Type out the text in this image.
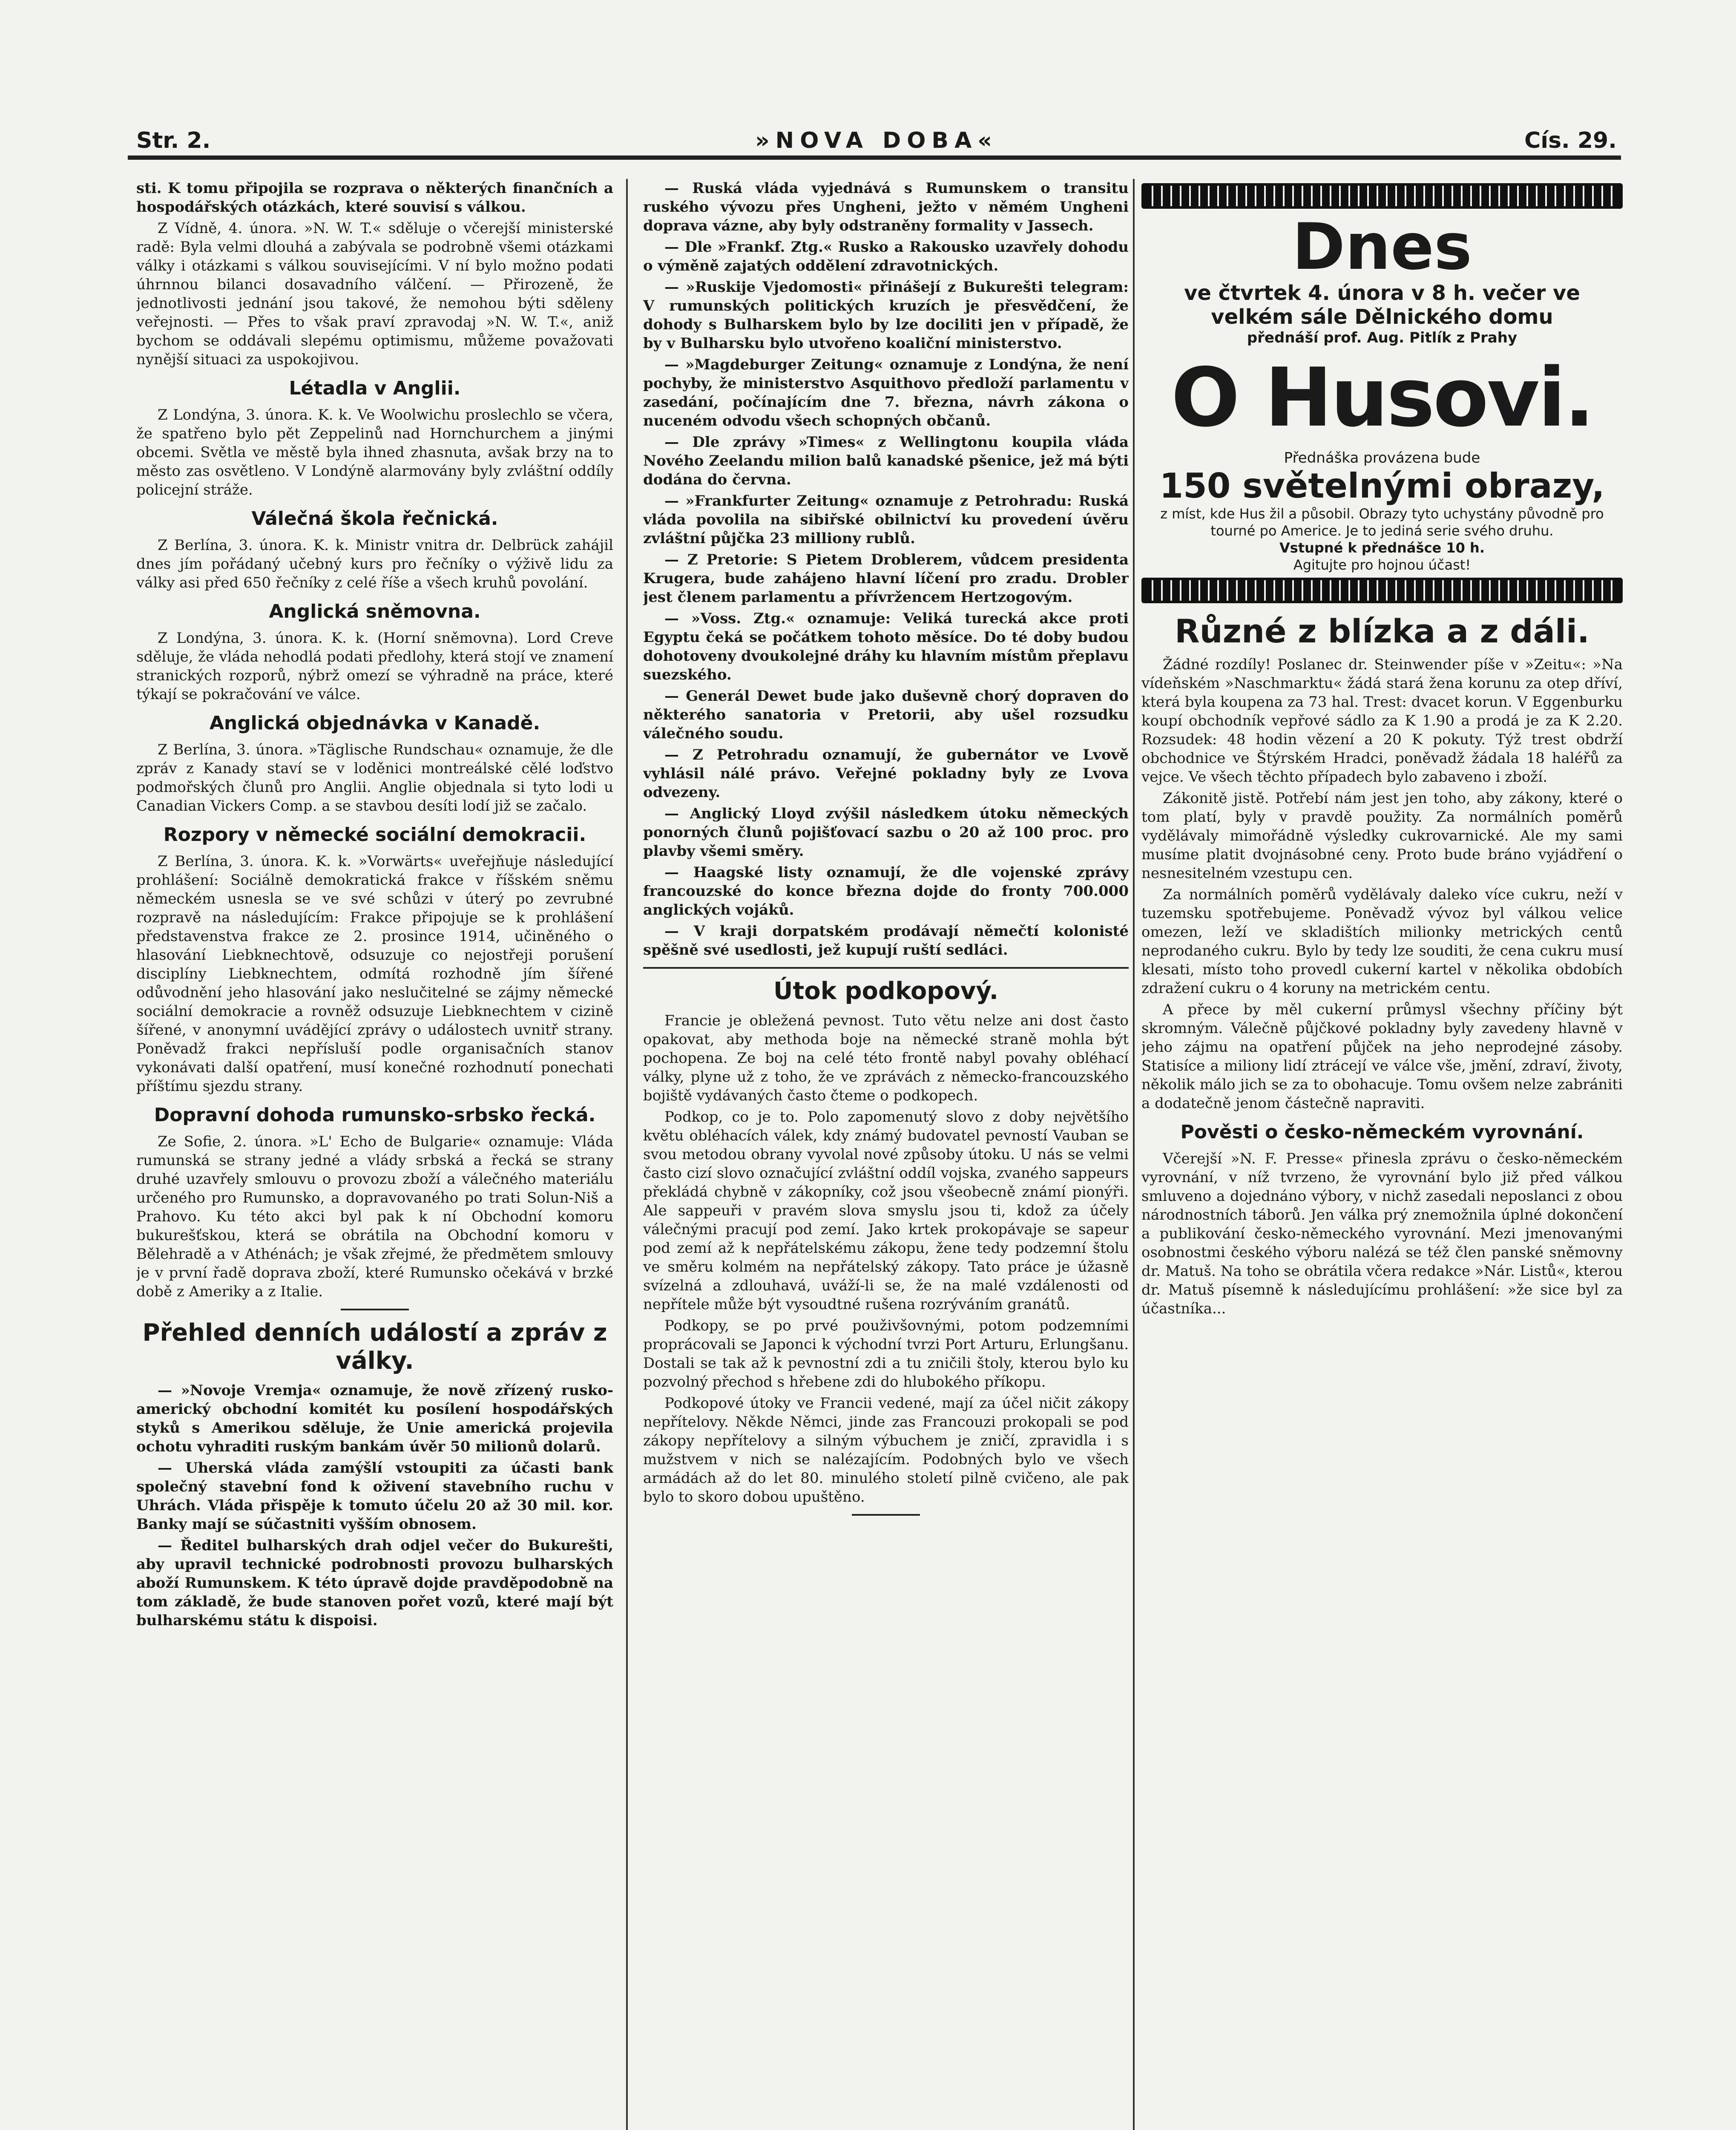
Str. 2.	»NOVA DOBA«	Cís. 29.

sti. K tomu připojila se rozprava o některých finančních a hospodářských otázkách, které souvisí s válkou.

Z Vídně, 4. února. »N. W. T.« sděluje o včerejší ministerské radě: Byla velmi dlouhá a zabývala se podrobně všemi otázkami války i otázkami s válkou souvisejícími. V ní bylo možno podati úhrnnou bilanci dosavadního válčení. — Přirozeně, že jednotlivosti jednání jsou takové, že nemohou býti sděleny veřejnosti. — Přes to však praví zpravodaj »N. W. T.«, aniž bychom se oddávali slepému optimismu, můžeme považovati nynější situaci za uspokojivou.

Létadla v Anglii.

Z Londýna, 3. února. K. k. Ve Woolwichu proslechlo se včera, že spatřeno bylo pět Zeppelinů nad Hornchurchem a jinými obcemi. Světla ve městě byla ihned zhasnuta, avšak brzy na to město zas osvětleno. V Londýně alarmovány byly zvláštní oddíly policejní stráže.

Válečná škola řečnická.

Z Berlína, 3. února. K. k. Ministr vnitra dr. Delbrück zahájil dnes jím pořádaný učebný kurs pro řečníky o výživě lidu za války asi před 650 řečníky z celé říše a všech kruhů povolání.

Anglická sněmovna.

Z Londýna, 3. února. K. k. (Horní sněmovna). Lord Creve sděluje, že vláda nehodlá podati předlohy, která stojí ve znamení stranických rozporů, nýbrž omezí se výhradně na práce, které týkají se pokračování ve válce.

Anglická objednávka v Kanadě.

Z Berlína, 3. února. »Täglische Rundschau« oznamuje, že dle zpráv z Kanady staví se v loděnici montreálské cělé loďstvo podmořských člunů pro Anglii. Anglie objednala si tyto lodi u Canadian Vickers Comp. a se stavbou desíti lodí již se začalo.

Rozpory v německé sociální demokracii.

Z Berlína, 3. února. K. k. »Vorwärts« uveřejňuje následující prohlášení: Sociálně demokratická frakce v říšském sněmu německém usnesla se ve své schůzi v úterý po zevrubné rozpravě na následujícím: Frakce připojuje se k prohlášení představenstva frakce ze 2. prosince 1914, učiněného o hlasování Liebknechtově, odsuzuje co nejostřeji porušení disciplíny Liebknechtem, odmítá rozhodně jím šířené odůvodnění jeho hlasování jako neslučitelné se zájmy německé sociální demokracie a rovněž odsuzuje Liebknechtem v cizině šířené, v anonymní uvádějící zprávy o událostech uvnitř strany. Poněvadž frakci nepřísluší podle organisačních stanov vykonávati další opatření, musí konečné rozhodnutí ponechati příštímu sjezdu strany.

Dopravní dohoda rumunsko-srbsko řecká.

Ze Sofie, 2. února. »L' Echo de Bulgarie« oznamuje: Vláda rumunská se strany jedné a vlády srbská a řecká se strany druhé uzavřely smlouvu o provozu zboží a válečného materiálu určeného pro Rumunsko, a dopravovaného po trati Solun-Niš a Prahovo. Ku této akci byl pak k ní Obchodní komoru bukurešťskou, která se obrátila na Obchodní komoru v Bělehradě a v Athénách; je však zřejmé, že předmětem smlouvy je v první řadě doprava zboží, které Rumunsko očekává v brzké době z Ameriky a z Italie.

Přehled denních událostí a zpráv z války.

— »Novoje Vremja« oznamuje, že nově zřízený rusko-americký obchodní komitét ku posílení hospodářských styků s Amerikou sděluje, že Unie americká projevila ochotu vyhraditi ruským bankám úvěr 50 milionů dolarů.

— Uherská vláda zamýšlí vstoupiti za účasti bank společný stavební fond k oživení stavebního ruchu v Uhrách. Vláda přispěje k tomuto účelu 20 až 30 mil. kor. Banky mají se súčastniti vyšším obnosem.

— Ředitel bulharských drah odjel večer do Bukurešti, aby upravil technické podrobnosti provozu bulharských aboží Rumunskem. K této úpravě dojde pravděpodobně na tom základě, že bude stanoven pořet vozů, které mají být bulharskému státu k dispoisi.

— Ruská vláda vyjednává s Rumunskem o transitu ruského vývozu přes Ungheni, ježto v němém Ungheni doprava vázne, aby byly odstraněny formality v Jassech.

— Dle »Frankf. Ztg.« Rusko a Rakousko uzavřely dohodu o výměně zajatých oddělení zdravotnických.

— »Ruskije Vjedomosti« přinášejí z Bukurešti telegram: V rumunských politických kruzích je přesvědčení, že dohody s Bulharskem bylo by lze dociliti jen v případě, že by v Bulharsku bylo utvořeno koaliční ministerstvo.

— »Magdeburger Zeitung« oznamuje z Londýna, že není pochyby, že ministerstvo Asquithovo předloží parlamentu v zasedání, počínajícím dne 7. března, návrh zákona o nuceném odvodu všech schopných občanů.

— Dle zprávy »Times« z Wellingtonu koupila vláda Nového Zeelandu milion balů kanadské pšenice, jež má býti dodána do června.

— »Frankfurter Zeitung« oznamuje z Petrohradu: Ruská vláda povolila na sibiřské obilnictví ku provedení úvěru zvláštní půjčka 23 milliony rublů.

— Z Pretorie: S Pietem Droblerem, vůdcem presidenta Krugera, bude zahájeno hlavní líčení pro zradu. Drobler jest členem parlamentu a přívržencem Hertzogovým.

— »Voss. Ztg.« oznamuje: Veliká turecká akce proti Egyptu čeká se počátkem tohoto měsíce. Do té doby budou dohotoveny dvoukolejné dráhy ku hlavním místům přeplavu suezského.

— Generál Dewet bude jako duševně chorý dopraven do některého sanatoria v Pretorii, aby ušel rozsudku válečného soudu.

— Z Petrohradu oznamují, že gubernátor ve Lvově vyhlásil nálé právo. Veřejné pokladny byly ze Lvova odvezeny.

— Anglický Lloyd zvýšil následkem útoku německých ponorných člunů pojišťovací sazbu o 20 až 100 proc. pro plavby všemi směry.

— Haagské listy oznamují, že dle vojenské zprávy francouzské do konce března dojde do fronty 700.000 anglických vojáků.

— V kraji dorpatském prodávají němečtí kolonisté spěšně své usedlosti, jež kupují ruští sedláci.

Útok podkopový.

Francie je obležená pevnost. Tuto větu nelze ani dost často opakovat, aby methoda boje na německé straně mohla být pochopena. Ze boj na celé této frontě nabyl povahy obléhací války, plyne už z toho, že ve zprávách z německo-francouzského bojiště vydávaných často čteme o podkopech.

Podkop, co je to. Polo zapomenutý slovo z doby největšího květu obléhacích válek, kdy známý budovatel pevností Vauban se svou metodou obrany vyvolal nové způsoby útoku. U nás se velmi často cizí slovo označující zvláštní oddíl vojska, zvaného sappeurs překládá chybně v zákopníky, což jsou všeobecně známí pionýři. Ale sappeuři v pravém slova smyslu jsou ti, kdož za účely válečnými pracují pod zemí. Jako krtek prokopávaje se sapeur pod zemí až k nepřátelskému zákopu, žene tedy podzemní štolu ve směru kolmém na nepřátelský zákopy. Tato práce je úžasně svízelná a zdlouhavá, uváží-li se, že na malé vzdálenosti od nepřítele může být vysoudtné rušena rozrýváním granátů.

Podkopy, se po prvé použivšovnými, potom podzemními proprácovali se Japonci k východní tvrzi Port Arturu, Erlungšanu. Dostali se tak až k pevnostní zdi a tu zničili štoly, kterou bylo ku pozvolný přechod s hřebene zdi do hlubokého příkopu.

Podkopové útoky ve Francii vedené, mají za účel ničit zákopy nepřítelovy. Někde Němci, jinde zas Francouzi prokopali se pod zákopy nepřítelovy a silným výbuchem je zničí, zpravidla i s mužstvem v nich se nalézajícím. Podobných bylo ve všech armádách až do let 80. minulého století pilně cvičeno, ale pak bylo to skoro dobou upuštěno.

Dnes
ve čtvrtek 4. února v 8 h. večer ve
velkém sále Dělnického domu
přednáší prof. Aug. Pitlík z Prahy
O Husovi.
Přednáška provázena bude
150 světelnými obrazy,
z míst, kde Hus žil a působil. Obrazy tyto uchystány původně pro tourné po Americe. Je to jediná serie svého druhu.
Vstupné k přednášce 10 h.
Agitujte pro hojnou účast!
Různé z blízka a z dáli.

Žádné rozdíly! Poslanec dr. Steinwender píše v »Zeitu«: »Na vídeňském »Naschmarktu« žádá stará žena korunu za otep dříví, která byla koupena za 73 hal. Trest: dvacet korun. V Eggenburku koupí obchodník vepřové sádlo za K 1.90 a prodá je za K 2.20. Rozsudek: 48 hodin vězení a 20 K pokuty. Týž trest obdrží obchodnice ve Štýrském Hradci, poněvadž žádala 18 haléřů za vejce. Ve všech těchto případech bylo zabaveno i zboží.

Zákonitě jistě. Potřebí nám jest jen toho, aby zákony, které o tom platí, byly v pravdě použity. Za normálních poměrů vydělávaly mimořádně výsledky cukrovarnické. Ale my sami musíme platit dvojnásobné ceny. Proto bude bráno vyjádření o nesnesitelném vzestupu cen.

Za normálních poměrů vydělávaly daleko více cukru, neží v tuzemsku spotřebujeme. Poněvadž vývoz byl válkou velice omezen, leží ve skladištích milionky metrických centů neprodaného cukru. Bylo by tedy lze souditi, že cena cukru musí klesati, místo toho provedl cukerní kartel v několika obdobích zdražení cukru o 4 koruny na metrickém centu.

A přece by měl cukerní průmysl všechny příčiny být skromným. Válečně půjčkové pokladny byly zavedeny hlavně v jeho zájmu na opatření půjček na jeho neprodejné zásoby. Statisíce a miliony lidí ztrácejí ve válce vše, jmění, zdraví, životy, několik málo jich se za to obohacuje. Tomu ovšem nelze zabrániti a dodatečně jenom částečně napraviti.

Pověsti o česko-německém vyrovnání.

Včerejší »N. F. Presse« přinesla zprávu o česko-německém vyrovnání, v níž tvrzeno, že vyrovnání bylo již před válkou smluveno a dojednáno výbory, v nichž zasedali neposlanci z obou národnostních táborů. Jen válka prý znemožnila úplné dokončení a publikování česko-německého vyrovnání. Mezi jmenovanými osobnostmi českého výboru nalézá se též člen panské sněmovny dr. Matuš. Na toho se obrátila včera redakce »Nár. Listů«, kterou dr. Matuš písemně k následujícímu prohlášení: »že sice byl za účastníka...
